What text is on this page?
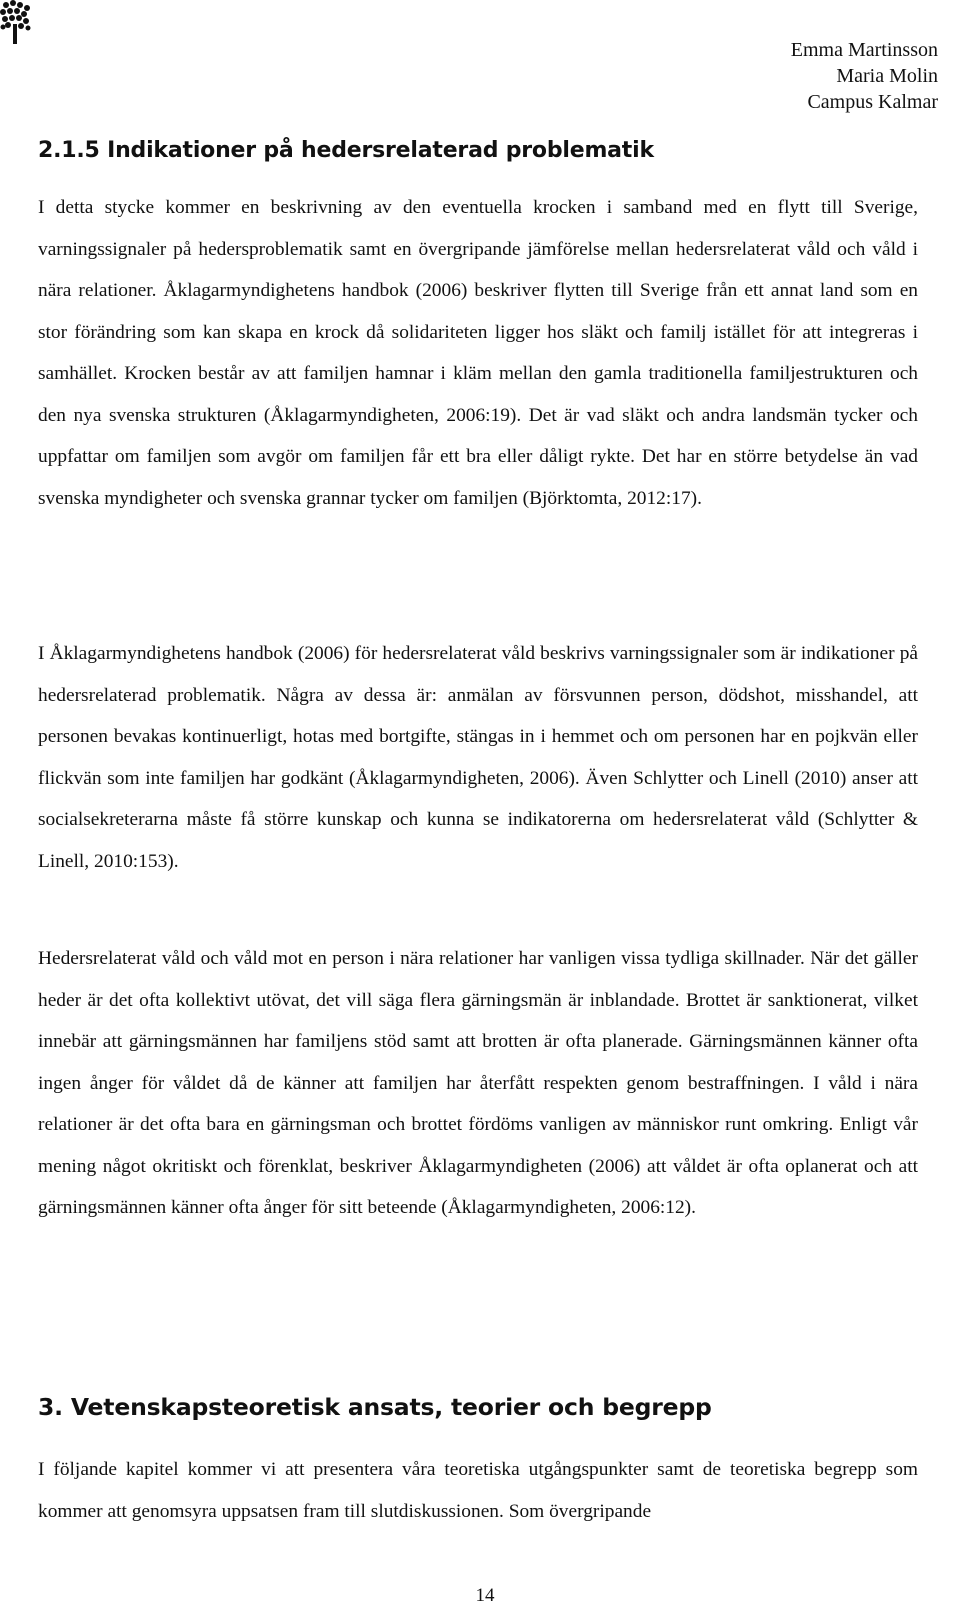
Emma Martinsson
Maria Molin
Campus Kalmar
2.1.5 Indikationer på hedersrelaterad problematik

I detta stycke kommer en beskrivning av den eventuella krocken i samband med en flytt till Sverige, varningssignaler på hedersproblematik samt en övergripande jämförelse mellan hedersrelaterat våld och våld i nära relationer. Åklagarmyndighetens handbok (2006) beskriver flytten till Sverige från ett annat land som en stor förändring som kan skapa en krock då solidariteten ligger hos släkt och familj istället för att integreras i samhället. Krocken består av att familjen hamnar i kläm mellan den gamla traditionella familjestrukturen och den nya svenska strukturen (Åklagarmyndigheten, 2006:19). Det är vad släkt och andra landsmän tycker och uppfattar om familjen som avgör om familjen får ett bra eller dåligt rykte. Det har en större betydelse än vad svenska myndigheter och svenska grannar tycker om familjen (Björktomta, 2012:17).

I Åklagarmyndighetens handbok (2006) för hedersrelaterat våld beskrivs varningssignaler som är indikationer på hedersrelaterad problematik. Några av dessa är: anmälan av försvunnen person, dödshot, misshandel, att personen bevakas kontinuerligt, hotas med bortgifte, stängas in i hemmet och om personen har en pojkvän eller flickvän som inte familjen har godkänt (Åklagarmyndigheten, 2006). Även Schlytter och Linell (2010) anser att socialsekreterarna måste få större kunskap och kunna se indikatorerna om hedersrelaterat våld (Schlytter & Linell, 2010:153).

Hedersrelaterat våld och våld mot en person i nära relationer har vanligen vissa tydliga skillnader. När det gäller heder är det ofta kollektivt utövat, det vill säga flera gärningsmän är inblandade. Brottet är sanktionerat, vilket innebär att gärningsmännen har familjens stöd samt att brotten är ofta planerade. Gärningsmännen känner ofta ingen ånger för våldet då de känner att familjen har återfått respekten genom bestraffningen. I våld i nära relationer är det ofta bara en gärningsman och brottet fördöms vanligen av människor runt omkring. Enligt vår mening något okritiskt och förenklat, beskriver Åklagarmyndigheten (2006) att våldet är ofta oplanerat och att gärningsmännen känner ofta ånger för sitt beteende (Åklagarmyndigheten, 2006:12).

3. Vetenskapsteoretisk ansats, teorier och begrepp

I följande kapitel kommer vi att presentera våra teoretiska utgångspunkter samt de teoretiska begrepp som kommer att genomsyra uppsatsen fram till slutdiskussionen. Som övergripande

14
